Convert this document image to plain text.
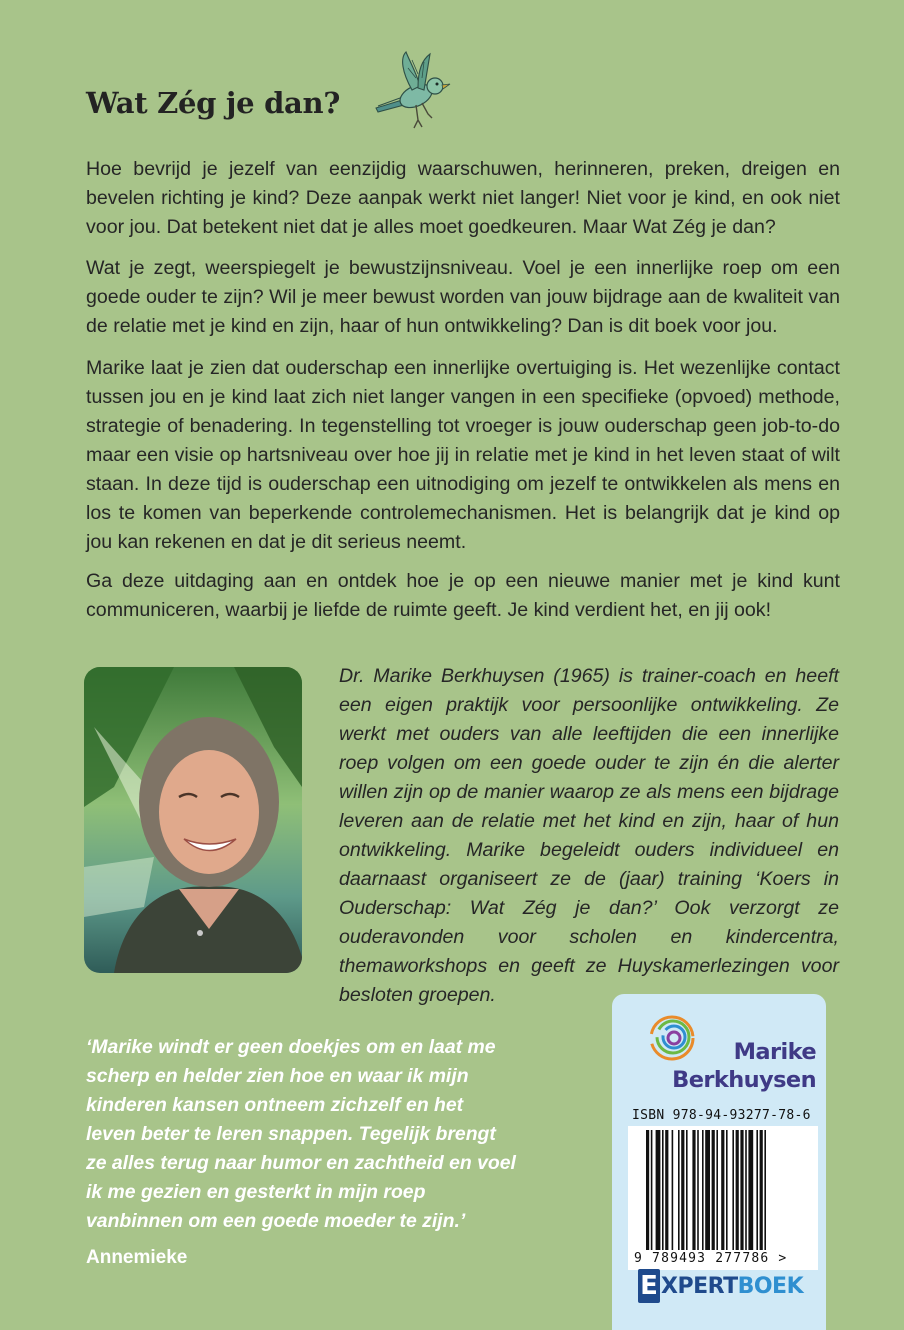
Wat Zég je dan?

Hoe bevrijd je jezelf van eenzijdig waarschuwen, herinneren, preken, dreigen en bevelen richting je kind? Deze aanpak werkt niet langer! Niet voor je kind, en ook niet voor jou. Dat betekent niet dat je alles moet goedkeuren. Maar Wat Zég je dan?

Wat je zegt, weerspiegelt je bewustzijnsniveau. Voel je een innerlijke roep om een goede ouder te zijn? Wil je meer bewust worden van jouw bijdrage aan de kwaliteit van de relatie met je kind en zijn, haar of hun ontwikkeling? Dan is dit boek voor jou.

Marike laat je zien dat ouderschap een innerlijke overtuiging is. Het wezenlijke contact tussen jou en je kind laat zich niet langer vangen in een specifieke (opvoed) methode, strategie of benadering. In tegenstelling tot vroeger is jouw ouderschap geen job-to-do maar een visie op hartsniveau over hoe jij in relatie met je kind in het leven staat of wilt staan. In deze tijd is ouderschap een uitnodiging om jezelf te ontwikkelen als mens en los te komen van beperkende controlemechanismen. Het is belangrijk dat je kind op jou kan rekenen en dat je dit serieus neemt.

Ga deze uitdaging aan en ontdek hoe je op een nieuwe manier met je kind kunt communiceren, waarbij je liefde de ruimte geeft. Je kind verdient het, en jij ook!

Dr. Marike Berkhuysen (1965) is trainer-coach en heeft een eigen praktijk voor persoonlijke ontwikkeling. Ze werkt met ouders van alle leeftijden die een innerlijke roep volgen om een goede ouder te zijn én die alerter willen zijn op de manier waarop ze als mens een bijdrage leveren aan de relatie met het kind en zijn, haar of hun ontwikkeling. Marike begeleidt ouders individueel en daarnaast organiseert ze de (jaar) training ‘Koers in Ouderschap: Wat Zég je dan?’ Ook verzorgt ze ouderavonden voor scholen en kindercentra, themaworkshops en geeft ze Huyskamerlezingen voor besloten groepen.

‘Marike windt er geen doekjes om en laat me scherp en helder zien hoe en waar ik mijn kinderen kansen ontneem zichzelf en het leven beter te leren snappen. Tegelijk brengt ze alles terug naar humor en zachtheid en voel ik me gezien en gesterkt in mijn roep vanbinnen om een goede moeder te zijn.’

Annemieke

Marike
Berkhuysen
ISBN 978-94-93277-78-6
9 789493 277786 >
E XPERTBOEK
